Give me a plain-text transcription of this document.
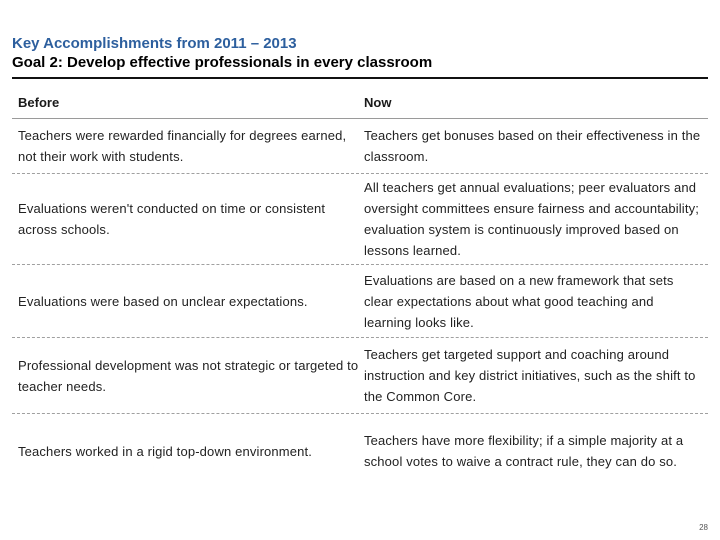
Key Accomplishments from 2011 – 2013
Goal 2: Develop effective professionals in every classroom
Before	Now
Teachers were rewarded financially for degrees earned, not their work with students.
Teachers get bonuses based on their effectiveness in the classroom.
Evaluations weren't conducted on time or consistent across schools.
All teachers get annual evaluations; peer evaluators and oversight committees ensure fairness and accountability; evaluation system is continuously improved based on lessons learned.
Evaluations were based on unclear expectations.
Evaluations are based on a new framework that sets clear expectations about what good teaching and learning looks like.
Professional development was not strategic or targeted to teacher needs.
Teachers get targeted support and coaching around instruction and key district initiatives, such as the shift to the Common Core.
Teachers worked in a rigid top-down environment.
Teachers have more flexibility; if a simple majority at a school votes to waive a contract rule, they can do so.
28
